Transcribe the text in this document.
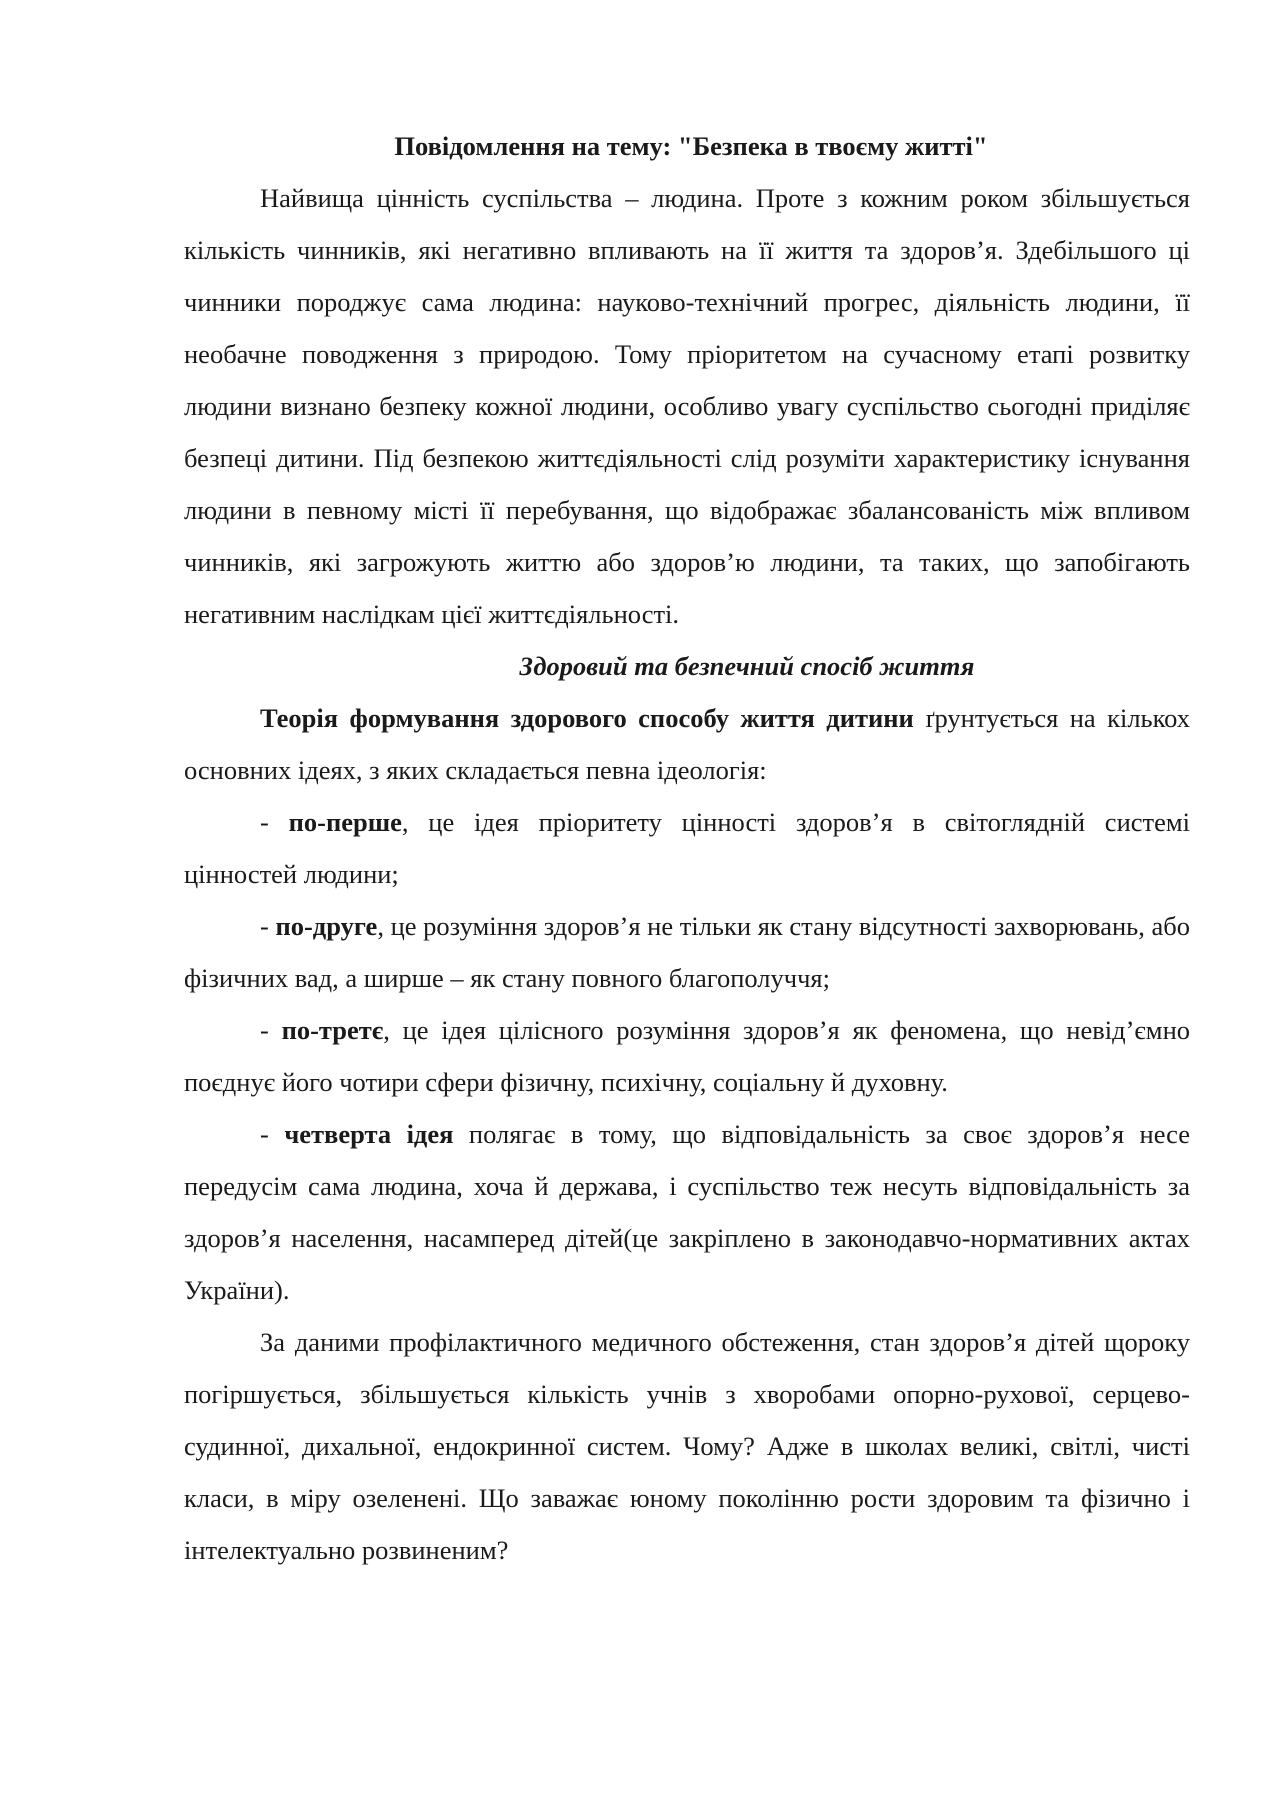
Повідомлення на тему: "Безпека в твоєму житті"

Найвища цінність суспільства – людина. Проте з кожним роком збільшується кількість чинників, які негативно впливають на її життя та здоров’я. Здебільшого ці чинники породжує сама людина: науково-технічний прогрес, діяльність людини, її необачне поводження з природою. Тому пріоритетом на сучасному етапі розвитку людини визнано безпеку кожної людини, особливо увагу суспільство сьогодні приділяє безпеці дитини. Під безпекою життєдіяльності слід розуміти характеристику існування людини в певному місті її перебування, що відображає збалансованість між впливом чинників, які загрожують життю або здоров’ю людини, та таких, що запобігають негативним наслідкам цієї життєдіяльності.

Здоровий та безпечний спосіб життя

Теорія формування здорового способу життя дитини ґрунтується на кількох основних ідеях, з яких складається певна ідеологія:

- по-перше, це ідея пріоритету цінності здоров’я в світоглядній системі цінностей людини;

- по-друге, це розуміння здоров’я не тільки як стану відсутності захворювань, або фізичних вад, а ширше – як стану повного благополуччя;

- по-третє, це ідея цілісного розуміння здоров’я як феномена, що невід’ємно поєднує його чотири сфери фізичну, психічну, соціальну й духовну.

- четверта ідея полягає в тому, що відповідальність за своє здоров’я несе передусім сама людина, хоча й держава, і суспільство теж несуть відповідальність за здоров’я населення, насамперед дітей(це закріплено в законодавчо-нормативних актах України).

За даними профілактичного медичного обстеження, стан здоров’я дітей щороку погіршується, збільшується кількість учнів з хворобами опорно-рухової, серцево-судинної, дихальної, ендокринної систем. Чому? Адже в школах великі, світлі, чисті класи, в міру озеленені. Що заважає юному поколінню рости здоровим та фізично і інтелектуально розвиненим?
